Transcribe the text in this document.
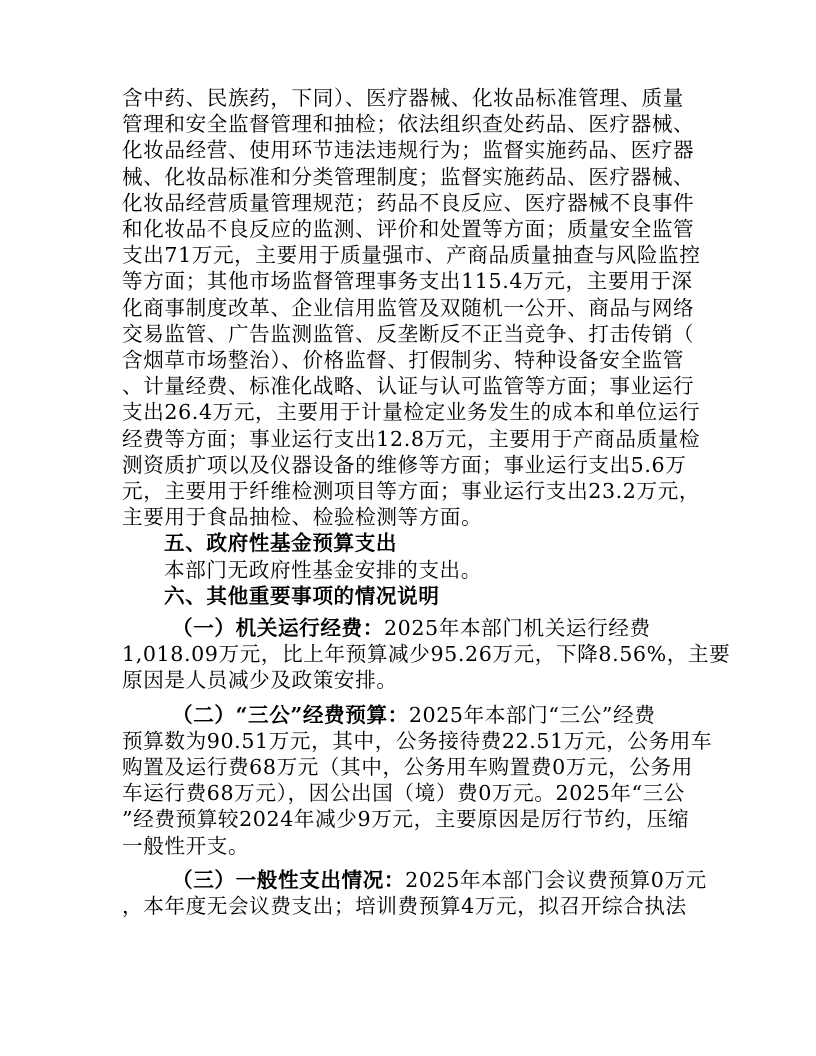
含中药、民族药，下同）、医疗器械、化妆品标准管理、质量
管理和安全监督管理和抽检；依法组织查处药品、医疗器械、
化妆品经营、使用环节违法违规行为；监督实施药品、医疗器
械、化妆品标准和分类管理制度；监督实施药品、医疗器械、
化妆品经营质量管理规范；药品不良反应、医疗器械不良事件
和化妆品不良反应的监测、评价和处置等方面；质量安全监管
支出71万元，主要用于质量强市、产商品质量抽查与风险监控
等方面；其他市场监督管理事务支出115.4万元，主要用于深
化商事制度改革、企业信用监管及双随机一公开、商品与网络
交易监管、广告监测监管、反垄断反不正当竞争、打击传销（
含烟草市场整治）、价格监督、打假制劣、特种设备安全监管
、计量经费、标准化战略、认证与认可监管等方面；事业运行
支出26.4万元，主要用于计量检定业务发生的成本和单位运行
经费等方面；事业运行支出12.8万元，主要用于产商品质量检
测资质扩项以及仪器设备的维修等方面；事业运行支出5.6万
元，主要用于纤维检测项目等方面；事业运行支出23.2万元，
主要用于食品抽检、检验检测等方面。
五、政府性基金预算支出
本部门无政府性基金安排的支出。
六、其他重要事项的情况说明
（一）机关运行经费：2025年本部门机关运行经费
1,018.09万元，比上年预算减少95.26万元，下降8.56%，主要
原因是人员减少及政策安排。
（二）“三公”经费预算：2025年本部门“三公”经费
预算数为90.51万元，其中，公务接待费22.51万元，公务用车
购置及运行费68万元（其中，公务用车购置费0万元，公务用
车运行费68万元），因公出国（境）费0万元。2025年“三公
”经费预算较2024年减少9万元，主要原因是厉行节约，压缩
一般性开支。
（三）一般性支出情况：2025年本部门会议费预算0万元
，本年度无会议费支出；培训费预算4万元，拟召开综合执法
